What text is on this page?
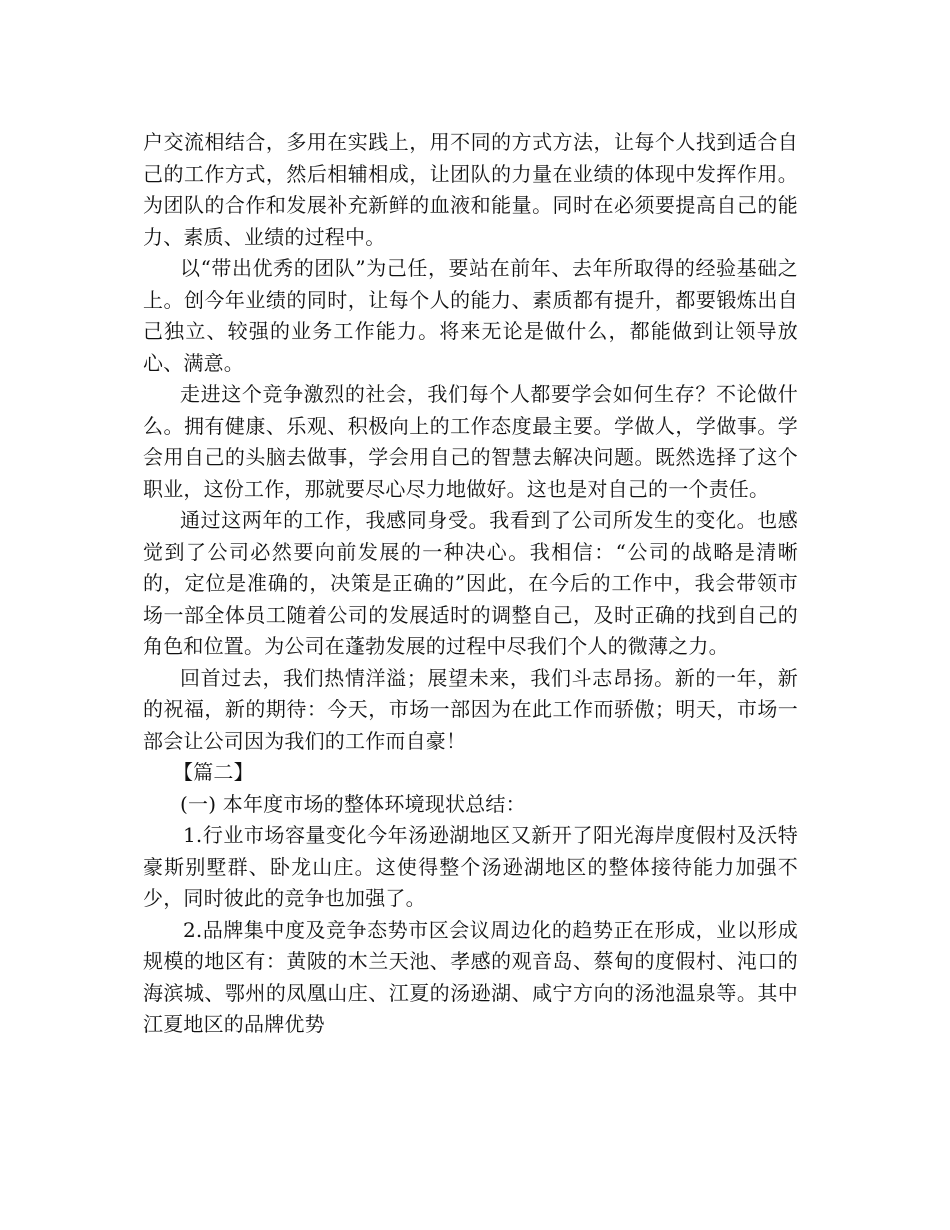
户交流相结合，多用在实践上，用不同的方式方法，让每个人找到适合自己的工作方式，然后相辅相成，让团队的力量在业绩的体现中发挥作用。为团队的合作和发展补充新鲜的血液和能量。同时在必须要提高自己的能力、素质、业绩的过程中。

以“带出优秀的团队”为己任，要站在前年、去年所取得的经验基础之上。创今年业绩的同时，让每个人的能力、素质都有提升，都要锻炼出自己独立、较强的业务工作能力。将来无论是做什么，都能做到让领导放心、满意。

走进这个竞争激烈的社会，我们每个人都要学会如何生存？不论做什么。拥有健康、乐观、积极向上的工作态度最主要。学做人，学做事。学会用自己的头脑去做事，学会用自己的智慧去解决问题。既然选择了这个职业，这份工作，那就要尽心尽力地做好。这也是对自己的一个责任。

通过这两年的工作，我感同身受。我看到了公司所发生的变化。也感觉到了公司必然要向前发展的一种决心。我相信：“公司的战略是清晰的，定位是准确的，决策是正确的”因此，在今后的工作中，我会带领市场一部全体员工随着公司的发展适时的调整自己，及时正确的找到自己的角色和位置。为公司在蓬勃发展的过程中尽我们个人的微薄之力。

回首过去，我们热情洋溢；展望未来，我们斗志昂扬。新的一年，新的祝福，新的期待：今天，市场一部因为在此工作而骄傲；明天，市场一部会让公司因为我们的工作而自豪！

【篇二】

(一) 本年度市场的整体环境现状总结：

1.行业市场容量变化今年汤逊湖地区又新开了阳光海岸度假村及沃特豪斯别墅群、卧龙山庄。这使得整个汤逊湖地区的整体接待能力加强不少，同时彼此的竞争也加强了。

2.品牌集中度及竞争态势市区会议周边化的趋势正在形成，业以形成规模的地区有：黄陂的木兰天池、孝感的观音岛、蔡甸的度假村、沌口的海滨城、鄂州的凤凰山庄、江夏的汤逊湖、咸宁方向的汤池温泉等。其中江夏地区的品牌优势
